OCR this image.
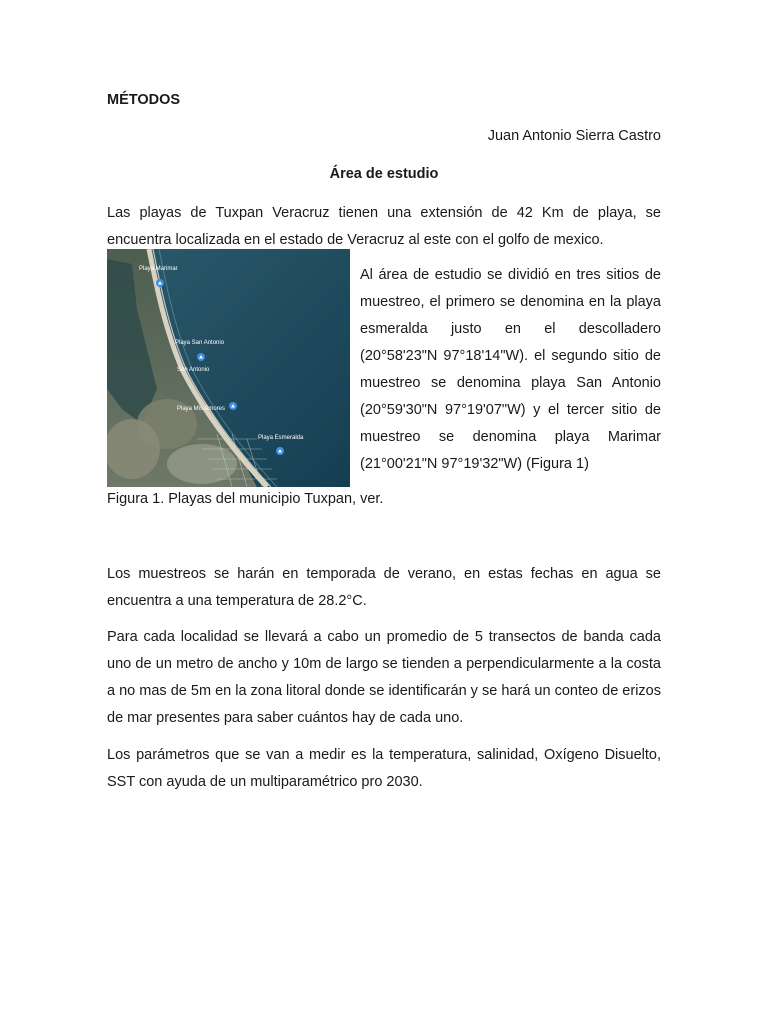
MÉTODOS
Juan Antonio Sierra Castro
Área de estudio

Las playas de Tuxpan Veracruz tienen una extensión de 42 Km de playa, se encuentra localizada en el estado de Veracruz al este con el golfo de mexico.

Playa Marimar
Playa San Antonio
San Antonio
Playa Mis Amores
Playa Esmeralda

Al área de estudio se dividió en tres sitios de muestreo, el primero se denomina en la playa esmeralda justo en el descolladero (20°58'23"N 97°18'14"W). el segundo sitio de muestreo se denomina playa San Antonio (20°59'30"N 97°19'07"W) y el tercer sitio de muestreo se denomina playa Marimar (21°00'21"N 97°19'32"W) (Figura 1)

Figura 1. Playas del municipio Tuxpan, ver.

Los muestreos se harán en temporada de verano, en estas fechas en agua se encuentra a una temperatura de 28.2°C.

Para cada localidad se llevará a cabo un promedio de 5 transectos de banda cada uno de un metro de ancho y 10m de largo se tienden a perpendicularmente a la costa a no mas de 5m en la zona litoral donde se identificarán y se hará un conteo de erizos de mar presentes para saber cuántos hay de cada uno.

Los parámetros que se van a medir es la temperatura, salinidad, Oxígeno Disuelto, SST con ayuda de un multiparamétrico pro 2030.
